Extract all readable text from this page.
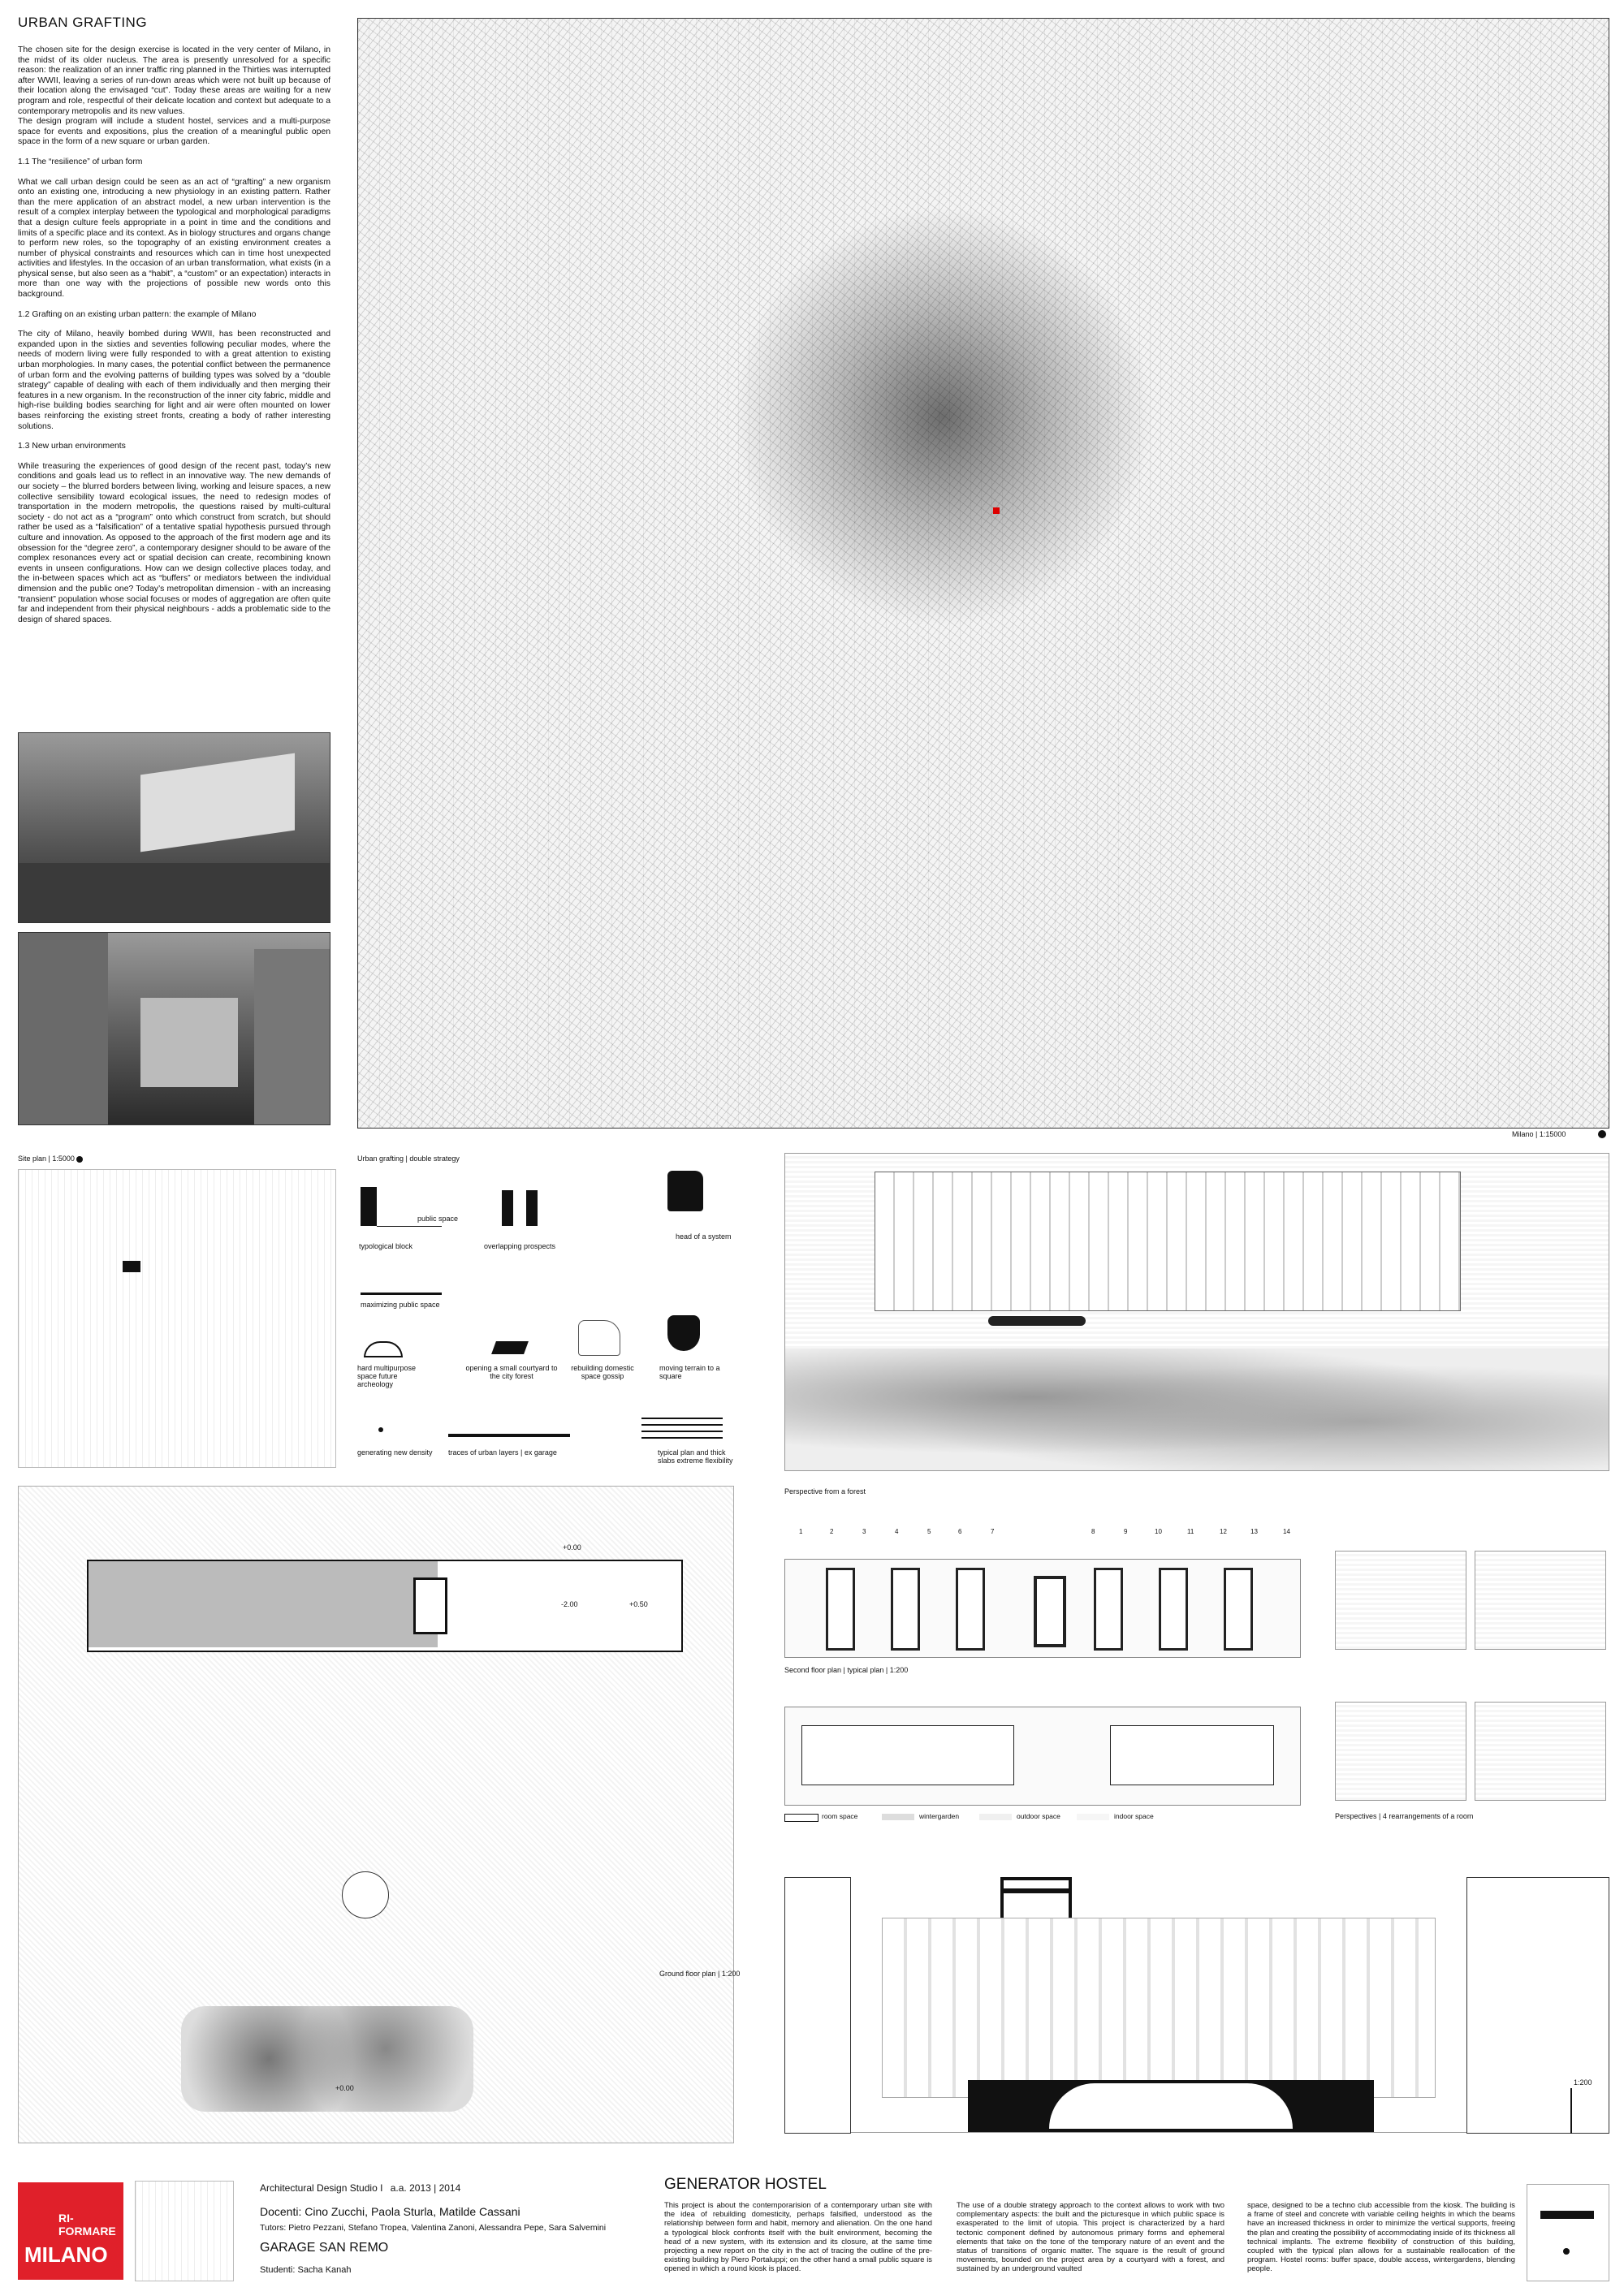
URBAN GRAFTING

The chosen site for the design exercise is located in the very center of Milano, in the midst of its older nucleus. The area is presently unresolved for a specific reason: the realization of an inner traffic ring planned in the Thirties was interrupted after WWII, leaving a series of run-down areas which were not built up because of their location along the envisaged “cut”. Today these areas are waiting for a new program and role, respectful of their delicate location and context but adequate to a contemporary metropolis and its new values.

The design program will include a student hostel, services and a multi-purpose space for events and expositions, plus the creation of a meaningful public open space in the form of a new square or urban garden.

1.1 The “resilience” of urban form

What we call urban design could be seen as an act of “grafting” a new organism onto an existing one, introducing a new physiology in an existing pattern. Rather than the mere application of an abstract model, a new urban intervention is the result of a complex interplay between the typological and morphological paradigms that a design culture feels appropriate in a point in time and the conditions and limits of a specific place and its context. As in biology structures and organs change to perform new roles, so the topography of an existing environment creates a number of physical constraints and resources which can in time host unexpected activities and lifestyles. In the occasion of an urban transformation, what exists (in a physical sense, but also seen as a “habit”, a “custom” or an expectation) interacts in more than one way with the projections of possible new words onto this background.

1.2 Grafting on an existing urban pattern: the example of Milano

The city of Milano, heavily bombed during WWII, has been reconstructed and expanded upon in the sixties and seventies following peculiar modes, where the needs of modern living were fully responded to with a great attention to existing urban morphologies. In many cases, the potential conflict between the permanence of urban form and the evolving patterns of building types was solved by a “double strategy” capable of dealing with each of them individually and then merging their features in a new organism. In the reconstruction of the inner city fabric, middle and high-rise building bodies searching for light and air were often mounted on lower bases reinforcing the existing street fronts, creating a body of rather interesting solutions.

1.3 New urban environments

While treasuring the experiences of good design of the recent past, today’s new conditions and goals lead us to reflect in an innovative way. The new demands of our society – the blurred borders between living, working and leisure spaces, a new collective sensibility toward ecological issues, the need to redesign modes of transportation in the modern metropolis, the questions raised by multi-cultural society - do not act as a “program” onto which construct from scratch, but should rather be used as a “falsification” of a tentative spatial hypothesis pursued through culture and innovation. As opposed to the approach of the first modern age and its obsession for the “degree zero”, a contemporary designer should to be aware of the complex resonances every act or spatial decision can create, recombining known events in unseen configurations. How can we design collective places today, and the in-between spaces which act as “buffers” or mediators between the individual dimension and the public one? Today’s metropolitan dimension - with an increasing “transient” population whose social focuses or modes of aggregation are often quite far and independent from their physical neighbours - adds a problematic side to the design of shared spaces.

Milano | 1:15000
Site plan | 1:5000	Urban grafting | double strategy
public space
typological block	overlapping prospects
head of a system
maximizing public space
hard multipurpose space future archeology
opening a small courtyard to the city forest
rebuilding domestic space gossip
moving terrain to a square
generating new density traces of urban layers | ex garage	typical plan and thick slabs extreme flexibility
Perspective from a forest
+0.00
-2.00	+0.50
+0.00
Ground floor plan | 1:200
1	2	3	4	5	6	7	8	9	10	11	12	13	14
Second floor plan | typical plan | 1:200
room space	wintergarden	outdoor space	indoor space	Perspectives | 4 rearrangements of a room
1:200
RI-
FORMARE
MILANO
Architectural Design Studio I a.a. 2013 | 2014
Docenti: Cino Zucchi, Paola Sturla, Matilde Cassani
Tutors: Pietro Pezzani, Stefano Tropea, Valentina Zanoni, Alessandra Pepe, Sara Salvemini
GARAGE SAN REMO
Studenti: Sacha Kanah
GENERATOR HOSTEL
This project is about the contemporarision of a contemporary urban site with the idea of rebuilding domesticity, perhaps falsified, understood as the relationship between form and habit, memory and alienation. On the one hand a typological block confronts itself with the built environment, becoming the head of a new system, with its extension and its closure, at the same time projecting a new report on the city in the act of tracing the outline of the pre-existing building by Piero Portaluppi; on the other hand a small public square is opened in which a round kiosk is placed.
The use of a double strategy approach to the context allows to work with two complementary aspects: the built and the picturesque in which public space is exasperated to the limit of utopia. This project is characterized by a hard tectonic component defined by autonomous primary forms and ephemeral elements that take on the tone of the temporary nature of an event and the status of transitions of organic matter. The square is the result of ground movements, bounded on the project area by a courtyard with a forest, and sustained by an underground vaulted
space, designed to be a techno club accessible from the kiosk. The building is a frame of steel and concrete with variable ceiling heights in which the beams have an increased thickness in order to minimize the vertical supports, freeing the plan and creating the possibility of accommodating inside of its thickness all technical implants. The extreme flexibility of construction of this building, coupled with the typical plan allows for a sustainable reallocation of the program. Hostel rooms: buffer space, double access, wintergardens, blending people.
